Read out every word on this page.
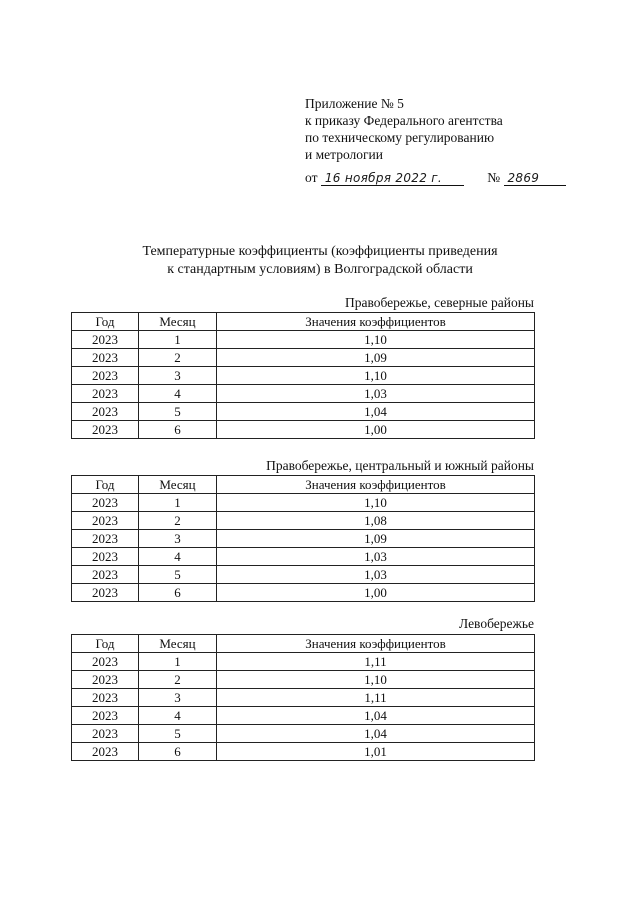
Приложение № 5
к приказу Федерального агентства
по техническому регулированию
и метрологии
от 16 ноября 2022 г.	№ 2869
Температурные коэффициенты (коэффициенты приведения
к стандартным условиям) в Волгоградской области
Правобережье, северные районы
Год	Месяц	Значения коэффициентов
2023	1	1,10
2023	2	1,09
2023	3	1,10
2023	4	1,03
2023	5	1,04
2023	6	1,00
Правобережье, центральный и южный районы
Год	Месяц	Значения коэффициентов
2023	1	1,10
2023	2	1,08
2023	3	1,09
2023	4	1,03
2023	5	1,03
2023	6	1,00
Левобережье
Год	Месяц	Значения коэффициентов
2023	1	1,11
2023	2	1,10
2023	3	1,11
2023	4	1,04
2023	5	1,04
2023	6	1,01
